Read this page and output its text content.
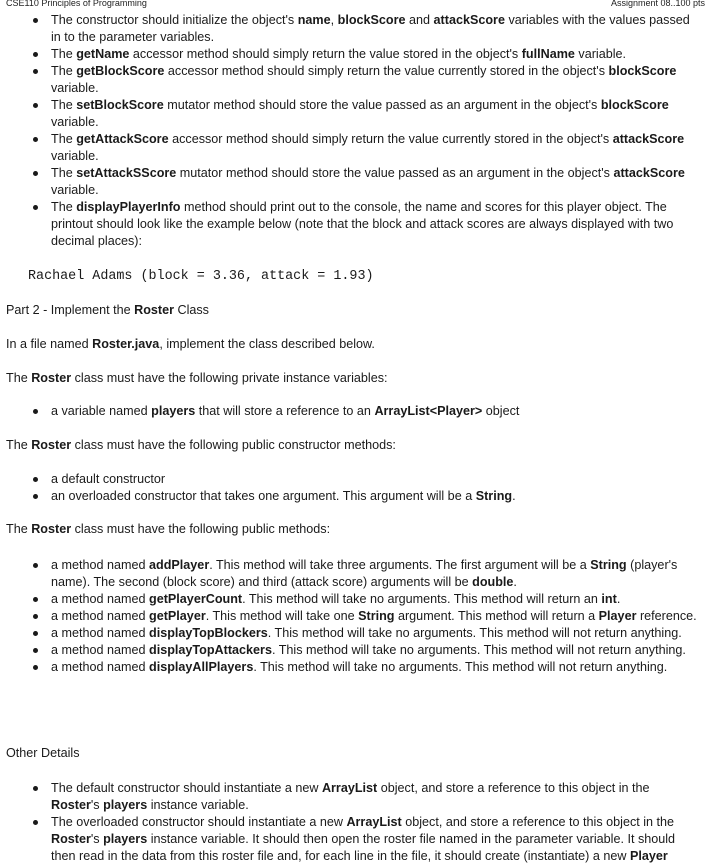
CSE110 Principles of Programming	Assignment 08..100 pts
The constructor should initialize the object's name, blockScore and attackScore variables with the values passed in to the parameter variables.
The getName accessor method should simply return the value stored in the object's fullName variable.
The getBlockScore accessor method should simply return the value currently stored in the object's blockScore variable.
The setBlockScore mutator method should store the value passed as an argument in the object's blockScore variable.
The getAttackScore accessor method should simply return the value currently stored in the object's attackScore variable.
The setAttackSScore mutator method should store the value passed as an argument in the object's attackScore variable.
The displayPlayerInfo method should print out to the console, the name and scores for this player object. The printout should look like the example below (note that the block and attack scores are always displayed with two decimal places):
Rachael Adams (block = 3.36, attack = 1.93)
Part 2 - Implement the Roster Class
In a file named Roster.java, implement the class described below.
The Roster class must have the following private instance variables:
a variable named players that will store a reference to an ArrayList<Player> object
The Roster class must have the following public constructor methods:
a default constructor
an overloaded constructor that takes one argument. This argument will be a String.
The Roster class must have the following public methods:
a method named addPlayer. This method will take three arguments. The first argument will be a String (player's name). The second (block score) and third (attack score) arguments will be double.
a method named getPlayerCount. This method will take no arguments. This method will return an int.
a method named getPlayer. This method will take one String argument. This method will return a Player reference.
a method named displayTopBlockers. This method will take no arguments. This method will not return anything.
a method named displayTopAttackers. This method will take no arguments. This method will not return anything.
a method named displayAllPlayers. This method will take no arguments. This method will not return anything.
Other Details
The default constructor should instantiate a new ArrayList object, and store a reference to this object in the Roster's players instance variable.
The overloaded constructor should instantiate a new ArrayList object, and store a reference to this object in the Roster's players instance variable. It should then open the roster file named in the parameter variable. It should then read in the data from this roster file and, for each line in the file, it should create (instantiate) a new Player
